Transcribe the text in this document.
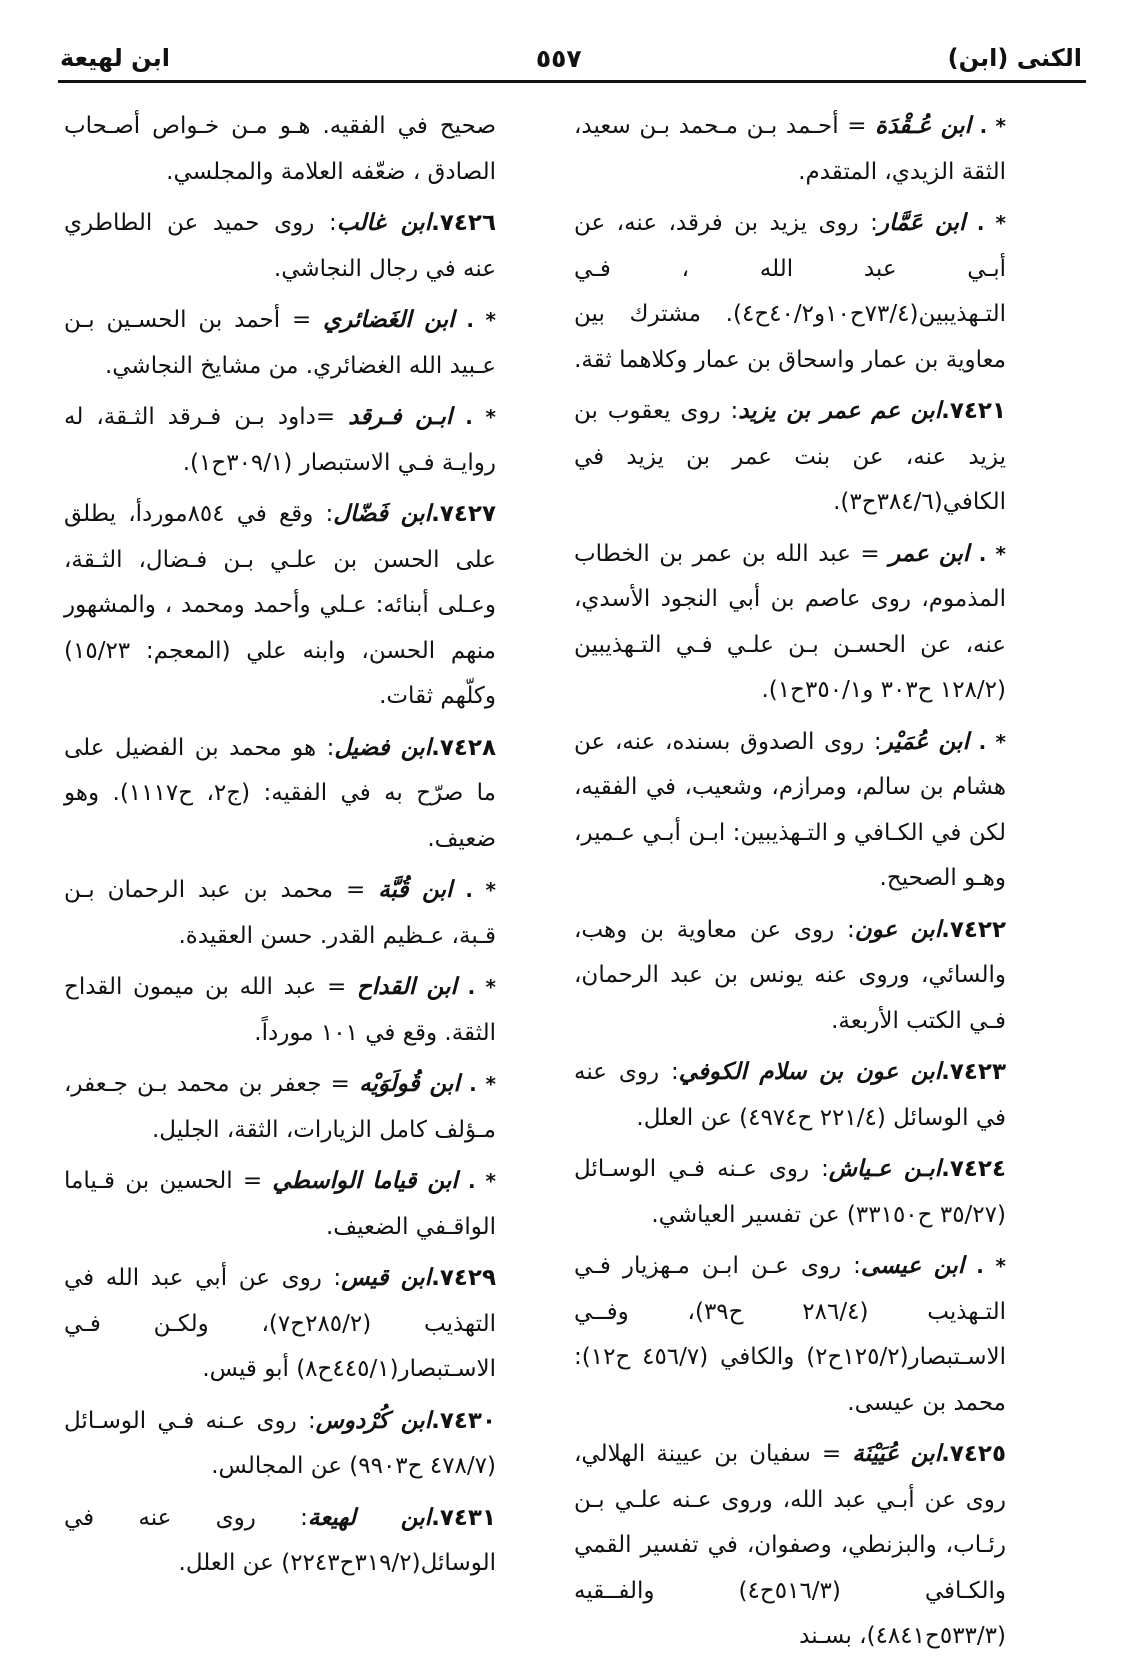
الكنى (ابن)
٥٥٧
ابن لهيعة
* . ابن عُـقْدَة = أحـمد بـن مـحمد بـن سعيد، الثقة الزيدي، المتقدم.
* . ابن عَمَّار: روى يزيد بن فرقد، عنه، عن أبـي عبد الله ، فـي التـهذيبين(٧٣/٤ح١٠و٤٠/٢ح٤). مشترك بين معاوية بن عمار واسحاق بن عمار وكلاهما ثقة.
٧٤٢١.ابن عم عمر بن يزيد: روى يعقوب بن يزيد عنه، عن بنت عمر بن يزيد في الكافي(٣٨٤/٦ح٣).
* . ابن عمر = عبد الله بن عمر بن الخطاب المذموم، روى عاصم بن أبي النجود الأسدي، عنه، عن الحسـن بـن علـي فـي التـهذيبين (١٢٨/٢ ح٣٠٣ و٣٥٠/١ح١).
* . ابن عُمَيْر: روى الصدوق بسنده، عنه، عن هشام بن سالم، ومرازم، وشعيب، في الفقيه، لكن في الكـافي و التـهذيبين: ابـن أبـي عـمير، وهـو الصحيح.
٧٤٢٢.ابن عون: روى عن معاوية بن وهب، والسائي، وروى عنه يونس بن عبد الرحمان، فـي الكتب الأربعة.
٧٤٢٣.ابن عون بن سلام الكوفي: روى عنه في الوسائل (٢٢١/٤ ح٤٩٧٤) عن العلل.
٧٤٢٤.ابـن عـياش: روى عـنه فـي الوسـائل (٣٥/٢٧ ح٣٣١٥٠) عن تفسير العياشي.
* . ابن عيسى: روى عـن ابـن مـهزيار فـي التـهذيب (٢٨٦/٤ ح٣٩)، وفــي الاسـتبصار(١٢٥/٢ح٢) والكافي (٤٥٦/٧ ح١٢): محمد بن عيسى.
٧٤٢٥.ابن عُيَيْنَة = سفيان بن عيينة الهلالي، روى عن أبـي عبد الله، وروى عـنه علـي بـن رئـاب، والبزنطي، وصفوان، في تفسير القمي والكـافي (٥١٦/٣ح٤) والفــقيه (٥٣٣/٣ح٤٨٤١)، بسـند
صحيح في الفقيه. هـو مـن خـواص أصـحاب الصادق ، ضعّفه العلامة والمجلسي.
٧٤٢٦.ابن غالب: روى حميد عن الطاطري عنه في رجال النجاشي.
* . ابن الغَضائري = أحمد بن الحسـين بـن عـبيد الله الغضائري. من مشايخ النجاشي.
* . ابـن فـرقد =داود بـن فـرقد الثـقة، له روايـة فـي الاستبصار (٣٠٩/١ح١).
٧٤٢٧.ابن فَضّال: وقع في ٨٥٤موردأ، يطلق على الحسن بن علـي بـن فـضال، الثـقة، وعـلى أبنائه: عـلي وأحمد ومحمد ، والمشهور منهم الحسن، وابنه علي (المعجم: ١٥/٢٣) وكلّهم ثقات.
٧٤٢٨.ابن فضيل: هو محمد بن الفضيل على ما صرّح به في الفقيه: (ج٢، ح١١١٧). وهو ضعيف.
* . ابن قُبَّة = محمد بن عبد الرحمان بـن قـبة، عـظيم القدر. حسن العقيدة.
* . ابن القداح = عبد الله بن ميمون القداح الثقة. وقع في ١٠١ مورداً.
* . ابن قُولَوَيْه = جعفر بن محمد بـن جـعفر، مـؤلف كامل الزيارات، الثقة، الجليل.
* . ابن قياما الواسطي = الحسين بن قـياما الواقـفي الضعيف.
٧٤٢٩.ابن قيس: روى عن أبي عبد الله في التهذيب (٢٨٥/٢ح٧)، ولكـن فـي الاسـتبصار(٤٤٥/١ح٨) أبو قيس.
٧٤٣٠.ابن كُرْدوس: روى عـنه فـي الوسـائل (٤٧٨/٧ ح٩٩٠٣) عن المجالس.
٧٤٣١.ابن لهيعة: روى عنه في الوسائل(٣١٩/٢ح٢٢٤٣) عن العلل.
